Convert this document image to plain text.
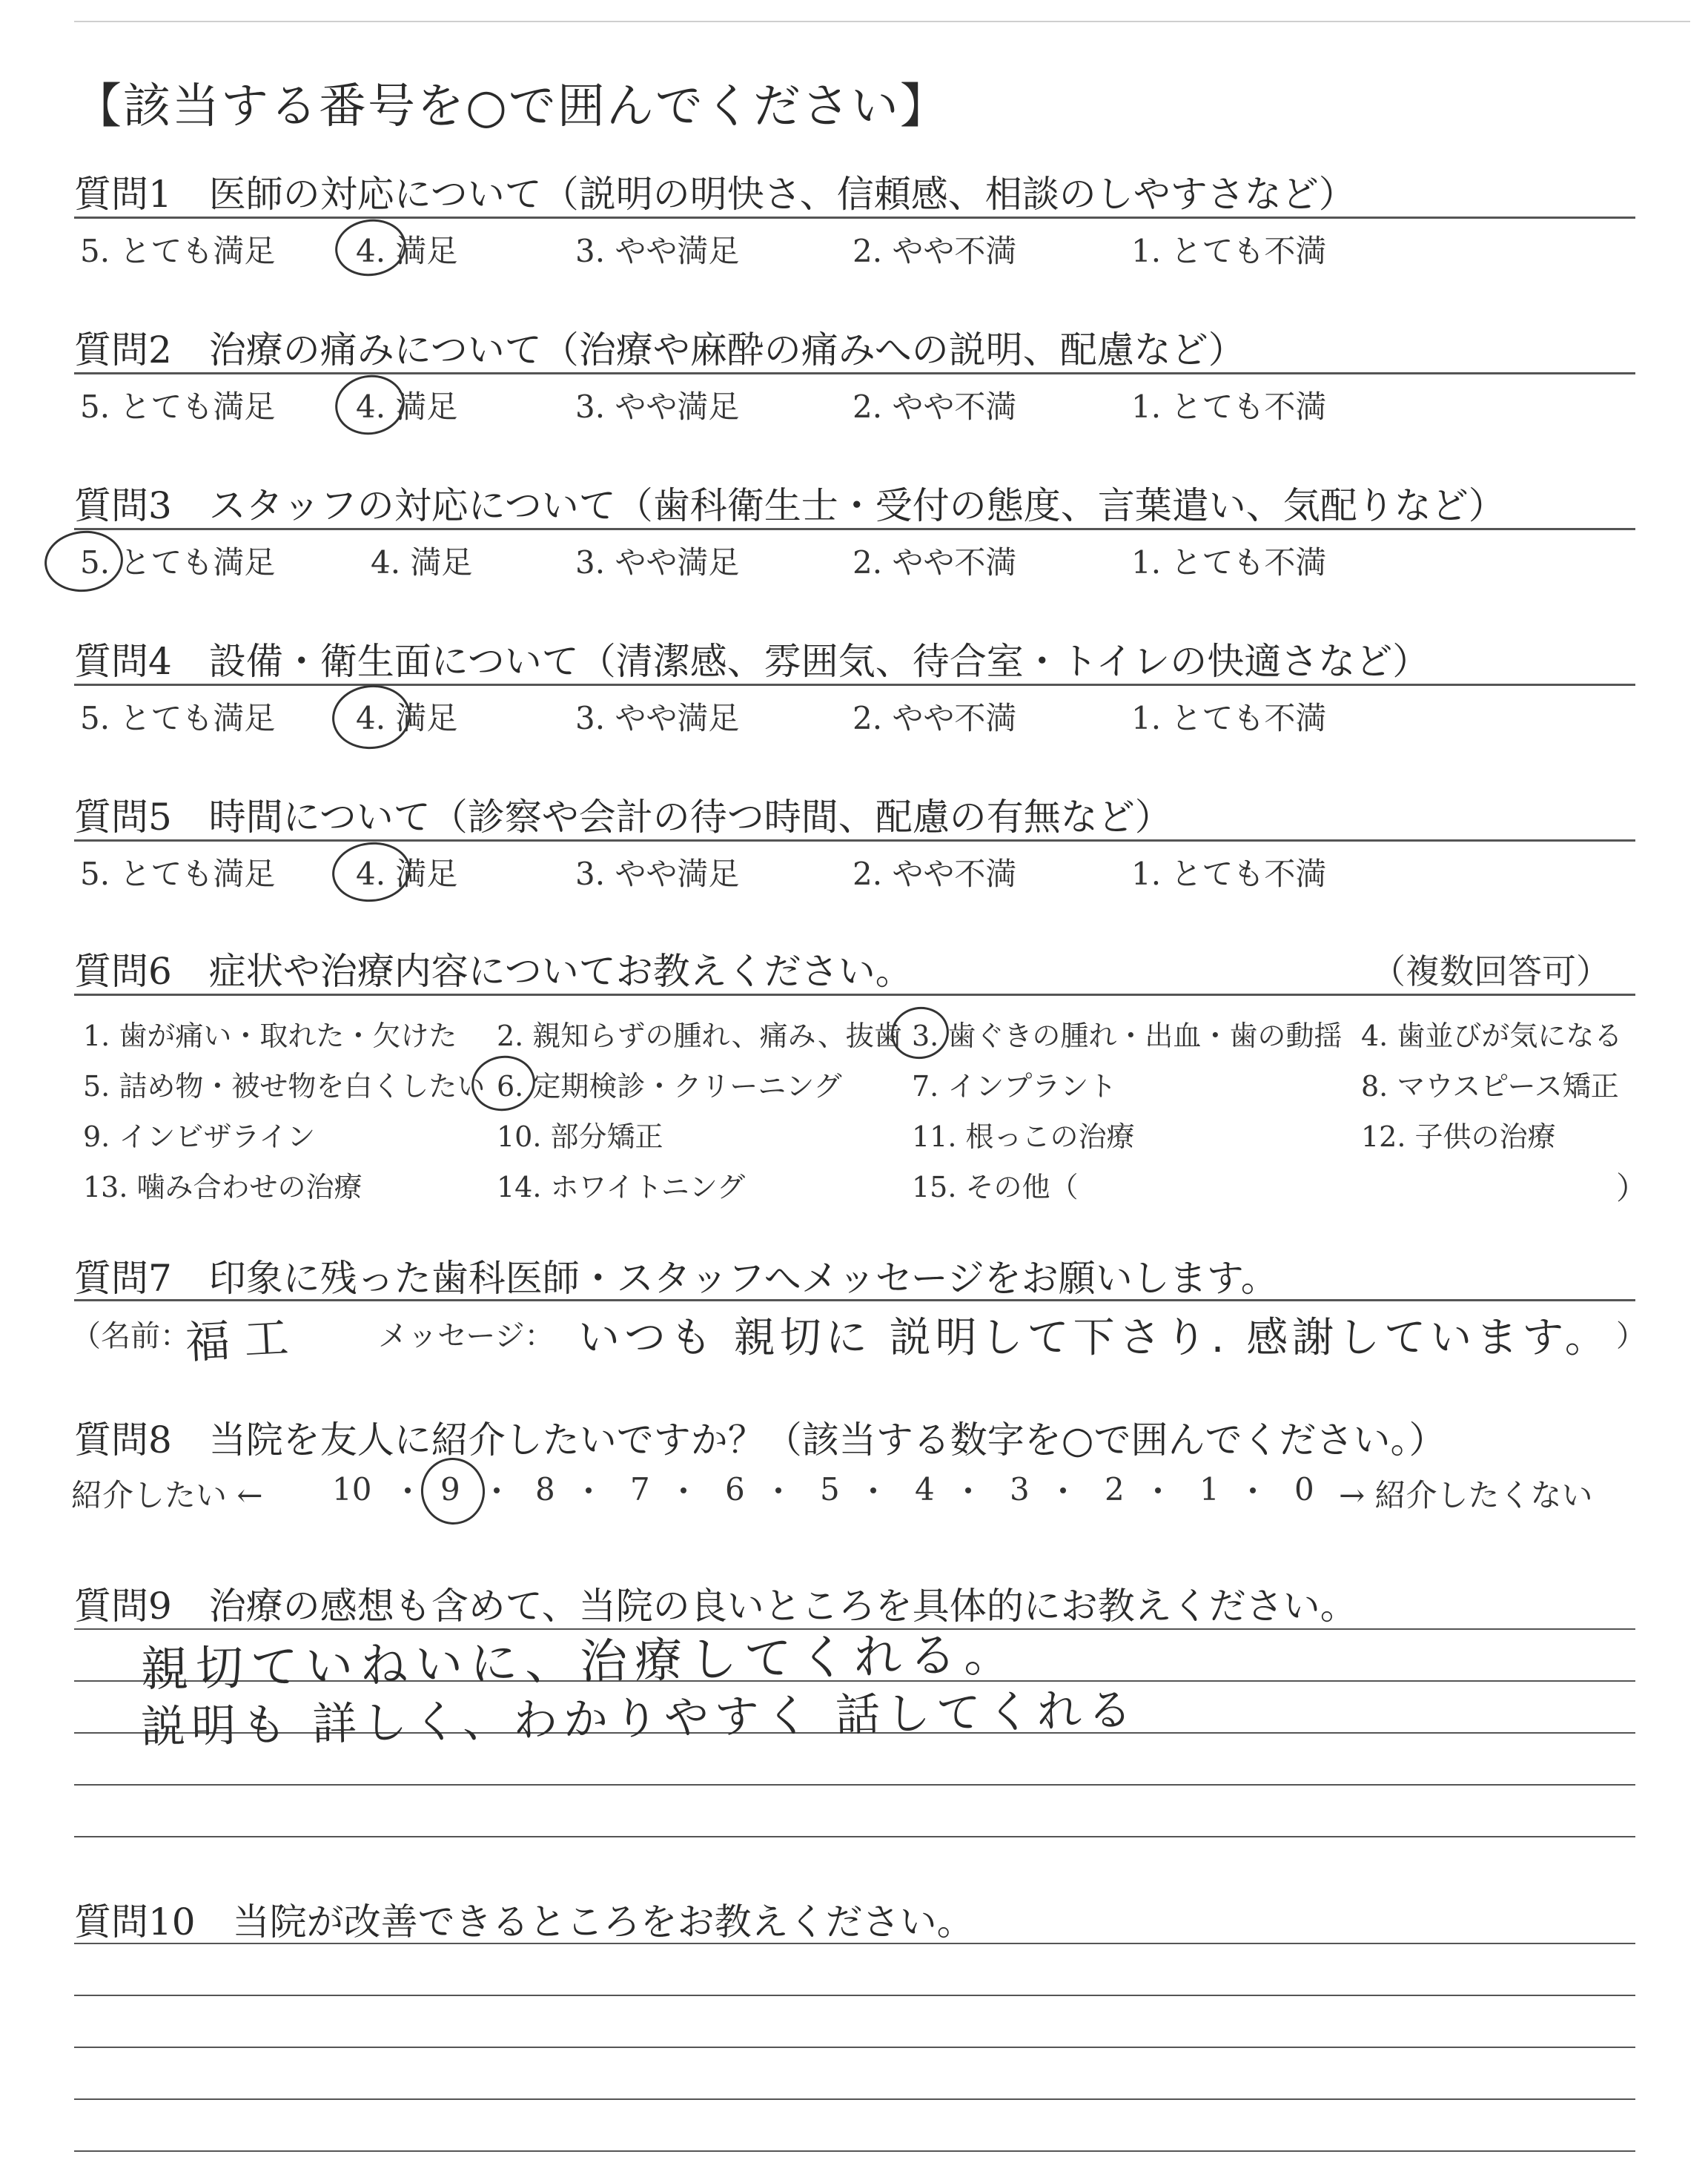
【該当する番号を○で囲んでください】
質問1　医師の対応について（説明の明快さ、信頼感、相談のしやすさなど）
5. とても満足	4. 満足	3. やや満足	2. やや不満	1. とても不満
質問2　治療の痛みについて（治療や麻酔の痛みへの説明、配慮など）
5. とても満足	4. 満足	3. やや満足	2. やや不満	1. とても不満
質問3　スタッフの対応について（歯科衛生士・受付の態度、言葉遣い、気配りなど）
5. とても満足	4. 満足	3. やや満足	2. やや不満	1. とても不満
質問4　設備・衛生面について（清潔感、雰囲気、待合室・トイレの快適さなど）
5. とても満足	4. 満足	3. やや満足	2. やや不満	1. とても不満
質問5　時間について（診察や会計の待つ時間、配慮の有無など）
5. とても満足	4. 満足	3. やや満足	2. やや不満	1. とても不満
質問6　症状や治療内容についてお教えください。	（複数回答可）
1. 歯が痛い・取れた・欠けた 2. 親知らずの腫れ、痛み、抜歯 3. 歯ぐきの腫れ・出血・歯の動揺 4. 歯並びが気になる
5. 詰め物・被せ物を白くしたい 6. 定期検診・クリーニング 7. インプラント	8. マウスピース矯正
9. インビザライン	10. 部分矯正	11. 根っこの治療	12. 子供の治療
13. 噛み合わせの治療	14. ホワイトニング	15. その他（	）
質問7　印象に残った歯科医師・スタッフへメッセージをお願いします。
（名前：
福 工	メッセージ： いつも 親切に 説明して下さり. 感謝しています。 ）
質問8　当院を友人に紹介したいですか？（該当する数字を○で囲んでください。）
紹介したい ← 10 9 8 7 6 5 4 3 2 1 0 → 紹介したくない
質問9　治療の感想も含めて、当院の良いところを具体的にお教えください。
親切ていねいに、治療してくれる。
説明も 詳しく、わかりやすく 話してくれる
質問10　当院が改善できるところをお教えください。
